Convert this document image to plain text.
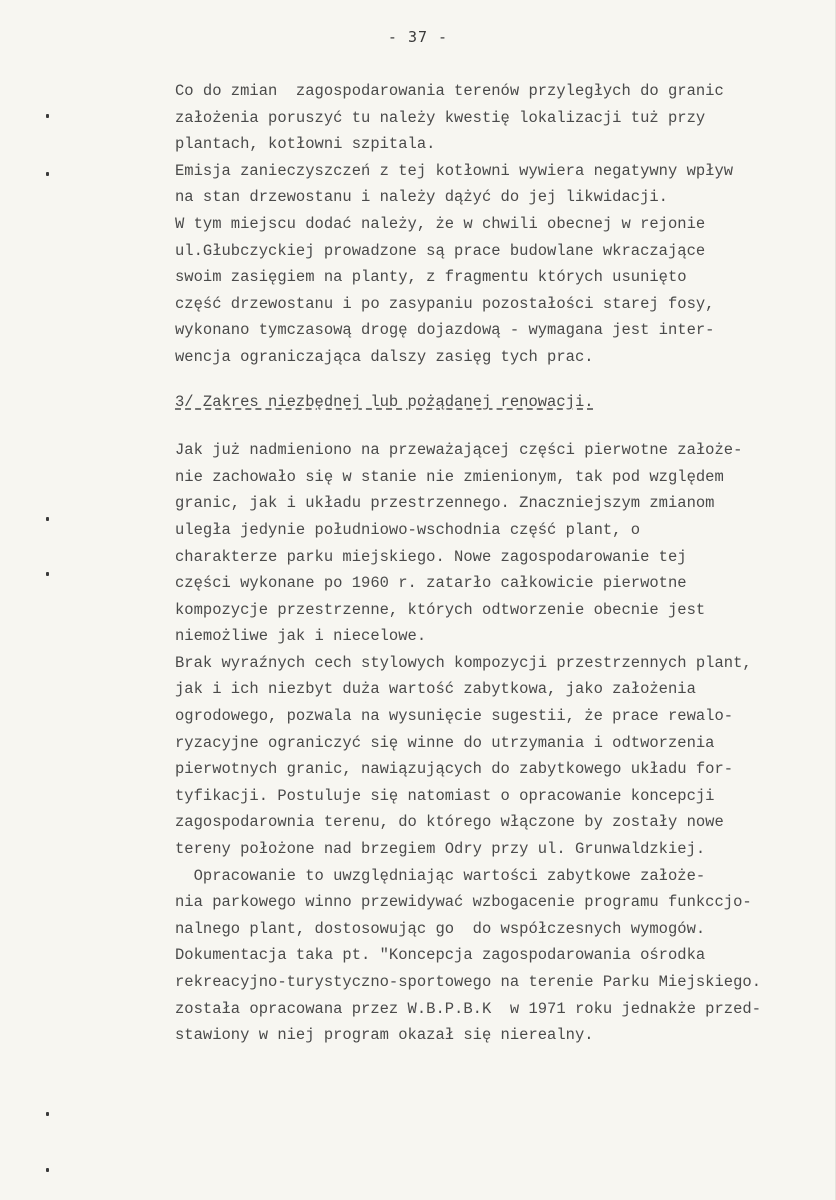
- 37 -
Co do zmian  zagospodarowania terenów przyległych do granic
założenia poruszyć tu należy kwestię lokalizacji tuż przy
plantach, kotłowni szpitala.
Emisja zanieczyszczeń z tej kotłowni wywiera negatywny wpływ
na stan drzewostanu i należy dążyć do jej likwidacji.
W tym miejscu dodać należy, że w chwili obecnej w rejonie
ul.Głubczyckiej prowadzone są prace budowlane wkraczające
swoim zasięgiem na planty, z fragmentu których usunięto
część drzewostanu i po zasypaniu pozostałości starej fosy,
wykonano tymczasową drogę dojazdową - wymagana jest inter-
wencja ograniczająca dalszy zasięg tych prac.
3/ Zakres niezbędnej lub pożądanej renowacji.
Jak już nadmieniono na przeważającej części pierwotne założe-
nie zachowało się w stanie nie zmienionym, tak pod względem
granic, jak i układu przestrzennego. Znaczniejszym zmianom
uległa jedynie południowo-wschodnia część plant, o
charakterze parku miejskiego. Nowe zagospodarowanie tej
części wykonane po 1960 r. zatarło całkowicie pierwotne
kompozycje przestrzenne, których odtworzenie obecnie jest
niemożliwe jak i niecelowe.
Brak wyraźnych cech stylowych kompozycji przestrzennych plant,
jak i ich niezbyt duża wartość zabytkowa, jako założenia
ogrodowego, pozwala na wysunięcie sugestii, że prace rewalo-
ryzacyjne ograniczyć się winne do utrzymania i odtworzenia
pierwotnych granic, nawiązujących do zabytkowego układu for-
tyfikacji. Postuluje się natomiast o opracowanie koncepcji
zagospodarownia terenu, do którego włączone by zostały nowe
tereny położone nad brzegiem Odry przy ul. Grunwaldzkiej.
Opracowanie to uwzględniając wartości zabytkowe założe-
nia parkowego winno przewidywać wzbogacenie programu funkccjo-
nalnego plant, dostosowując go  do współczesnych wymogów.
Dokumentacja taka pt. "Koncepcja zagospodarowania ośrodka
rekreacyjno-turystyczno-sportowego na terenie Parku Miejskiego.
została opracowana przez W.B.P.B.K  w 1971 roku jednakże przed-
stawiony w niej program okazał się nierealny.
